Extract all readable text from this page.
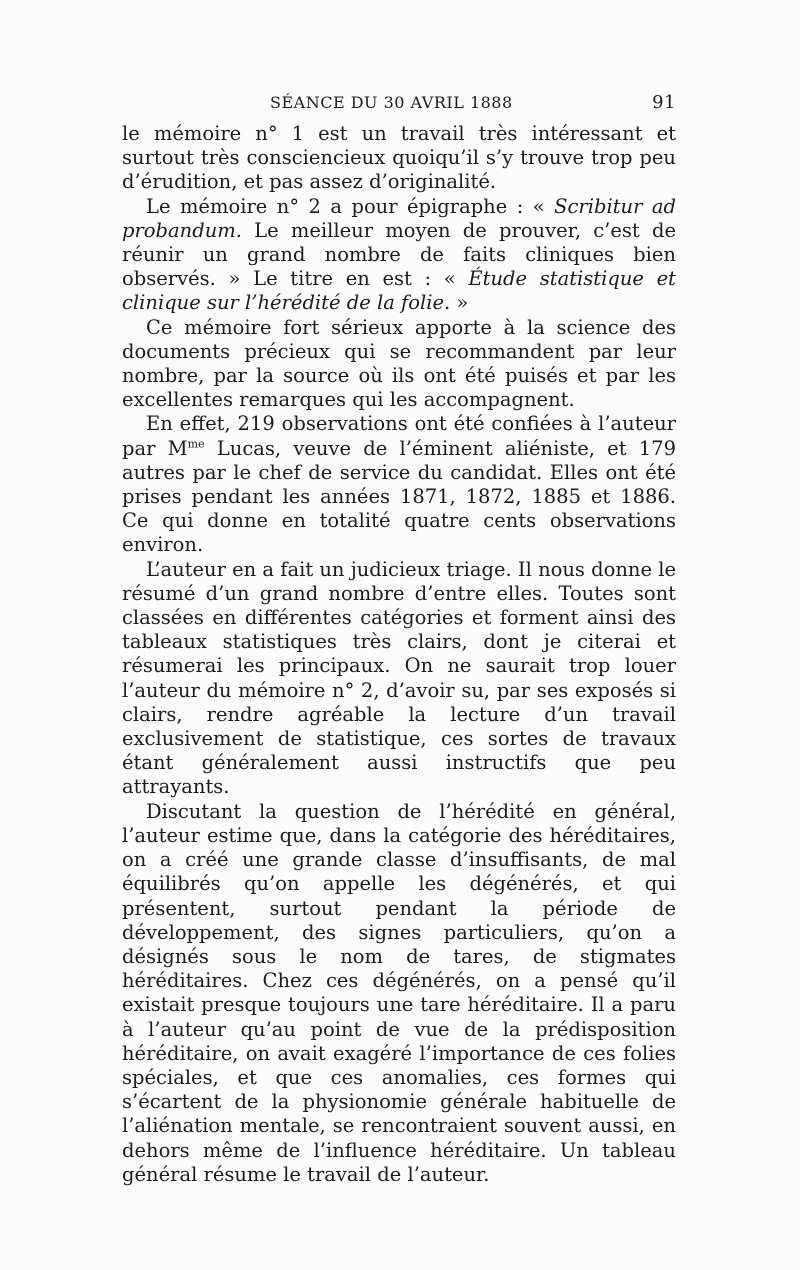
SÉANCE DU 30 AVRIL 1888	91

le mémoire n° 1 est un travail très intéressant et surtout très consciencieux quoiqu’il s’y trouve trop peu d’érudition, et pas assez d’originalité.

Le mémoire n° 2 a pour épigraphe : « Scribitur ad probandum. Le meilleur moyen de prouver, c’est de réunir un grand nombre de faits cliniques bien observés. » Le titre en est : « Étude statistique et clinique sur l’hérédité de la folie. »

Ce mémoire fort sérieux apporte à la science des documents précieux qui se recommandent par leur nombre, par la source où ils ont été puisés et par les excellentes remarques qui les accompagnent.

En effet, 219 observations ont été confiées à l’auteur par $M^{me}$ Lucas, veuve de l’éminent aliéniste, et 179 autres par le chef de service du candidat. Elles ont été prises pendant les années 1871, 1872, 1885 et 1886. Ce qui donne en totalité quatre cents observations environ.

L’auteur en a fait un judicieux triage. Il nous donne le résumé d’un grand nombre d’entre elles. Toutes sont classées en différentes catégories et forment ainsi des tableaux statistiques très clairs, dont je citerai et résumerai les principaux. On ne saurait trop louer l’auteur du mémoire n° 2, d’avoir su, par ses exposés si clairs, rendre agréable la lecture d’un travail exclusivement de statistique, ces sortes de travaux étant généralement aussi instructifs que peu attrayants.

Discutant la question de l’hérédité en général, l’auteur estime que, dans la catégorie des héréditaires, on a créé une grande classe d’insuffisants, de mal équilibrés qu’on appelle les dégénérés, et qui présentent, surtout pendant la période de développement, des signes particuliers, qu’on a désignés sous le nom de tares, de stigmates héréditaires. Chez ces dégénérés, on a pensé qu’il existait presque toujours une tare héréditaire. Il a paru à l’auteur qu’au point de vue de la prédisposition héréditaire, on avait exagéré l’importance de ces folies spéciales, et que ces anomalies, ces formes qui s’écartent de la physionomie générale habituelle de l’aliénation mentale, se rencontraient souvent aussi, en dehors même de l’influence héréditaire. Un tableau général résume le travail de l’auteur.
